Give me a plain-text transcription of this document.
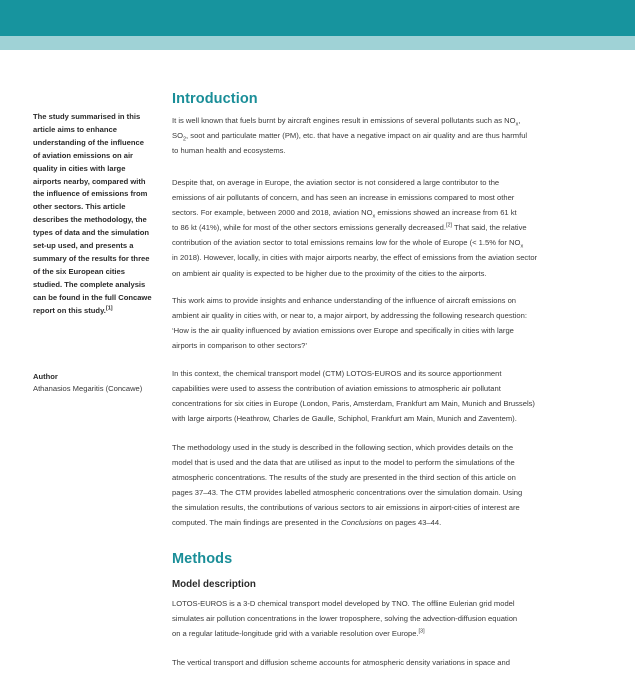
The study summarised in this
article aims to enhance
understanding of the influence
of aviation emissions on air
quality in cities with large
airports nearby, compared with
the influence of emissions from
other sectors. This article
describes the methodology, the
types of data and the simulation
set-up used, and presents a
summary of the results for three
of the six European cities
studied. The complete analysis
can be found in the full Concawe
report on this study.[1]
Author
Athanasios Megaritis (Concawe)
Introduction
It is well known that fuels burnt by aircraft engines result in emissions of several pollutants such as $NO_x$,
$SO_2$, soot and particulate matter (PM), etc. that have a negative impact on air quality and are thus harmful
to human health and ecosystems.
Despite that, on average in Europe, the aviation sector is not considered a large contributor to the
emissions of air pollutants of concern, and has seen an increase in emissions compared to most other
sectors. For example, between 2000 and 2018, aviation $NO_x$ emissions showed an increase from 61 kt
to 86 kt (41%), while for most of the other sectors emissions generally decreased.[2] That said, the relative
contribution of the aviation sector to total emissions remains low for the whole of Europe (< 1.5% for $NO_x$
in 2018). However, locally, in cities with major airports nearby, the effect of emissions from the aviation sector
on ambient air quality is expected to be higher due to the proximity of the cities to the airports.
This work aims to provide insights and enhance understanding of the influence of aircraft emissions on
ambient air quality in cities with, or near to, a major airport, by addressing the following research question:
‘How is the air quality influenced by aviation emissions over Europe and specifically in cities with large
airports in comparison to other sectors?’
In this context, the chemical transport model (CTM) LOTOS-EUROS and its source apportionment
capabilities were used to assess the contribution of aviation emissions to atmospheric air pollutant
concentrations for six cities in Europe (London, Paris, Amsterdam, Frankfurt am Main, Munich and Brussels)
with large airports (Heathrow, Charles de Gaulle, Schiphol, Frankfurt am Main, Munich and Zaventem).
The methodology used in the study is described in the following section, which provides details on the
model that is used and the data that are utilised as input to the model to perform the simulations of the
atmospheric concentrations. The results of the study are presented in the third section of this article on
pages 37–43. The CTM provides labelled atmospheric concentrations over the simulation domain. Using
the simulation results, the contributions of various sectors to air emissions in airport-cities of interest are
computed. The main findings are presented in the Conclusions on pages 43–44.
Methods
Model description
LOTOS-EUROS is a 3-D chemical transport model developed by TNO. The offline Eulerian grid model
simulates air pollution concentrations in the lower troposphere, solving the advection-diffusion equation
on a regular latitude-longitude grid with a variable resolution over Europe.[3]
The vertical transport and diffusion scheme accounts for atmospheric density variations in space and
